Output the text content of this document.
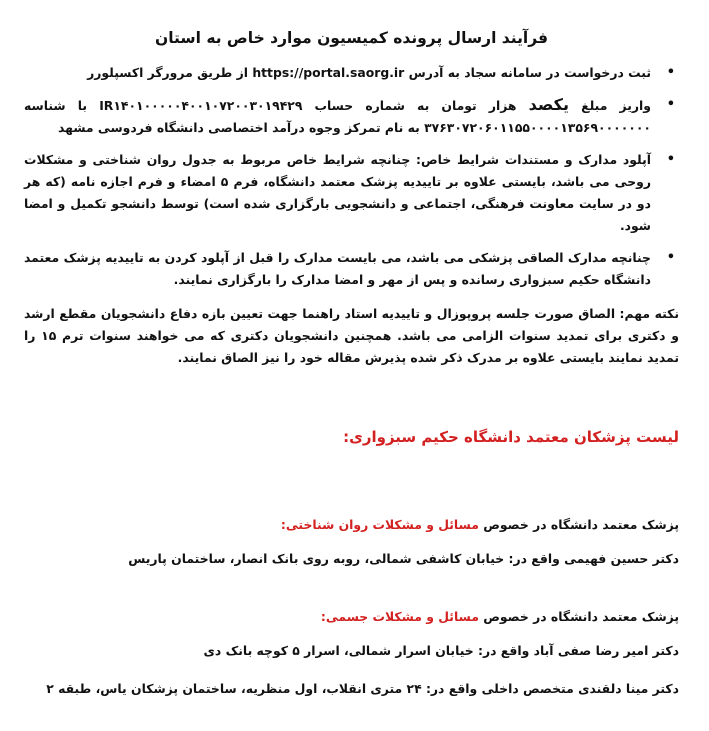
فرآیند ارسال پرونده کمیسیون موارد خاص به استان
• ثبت درخواست در سامانه سجاد به آدرس https://portal.saorg.ir از طریق مرورگر اکسپلورر
• واریز مبلغ یکصد هزار تومان به شماره حساب IR۱۴۰۱۰۰۰۰۰۴۰۰۱۰۷۲۰۰۳۰۱۹۴۲۹ با شناسه ۳۷۶۳۰۷۲۰۶۰۱۱۵۵۰۰۰۰۱۳۵۶۹۰۰۰۰۰۰۰ به نام تمرکز وجوه درآمد اختصاصی دانشگاه فردوسی مشهد
• آپلود مدارک و مستندات شرایط خاص: چنانچه شرایط خاص مربوط به جدول روان شناختی و مشکلات روحی می باشد، بایستی علاوه بر تاییدیه پزشک معتمد دانشگاه، فرم ۵ امضاء و فرم اجازه نامه (که هر دو در سایت معاونت فرهنگی، اجتماعی و دانشجویی بارگزاری شده است) توسط دانشجو تکمیل و امضا شود.
• چنانچه مدارک الصاقی پزشکی می باشد، می بایست مدارک را قبل از آپلود کردن به تاییدیه پزشک معتمد دانشگاه حکیم سبزواری رسانده و پس از مهر و امضا مدارک را بارگزاری نمایند.

نکته مهم: الصاق صورت جلسه پروپوزال و تاییدیه استاد راهنما جهت تعیین بازه دفاع دانشجویان مقطع ارشد و دکتری برای تمدید سنوات الزامی می باشد. همچنین دانشجویان دکتری که می خواهند سنوات ترم ۱۵ را تمدید نمایند بایستی علاوه بر مدرک ذکر شده پذیرش مقاله خود را نیز الصاق نمایند.

لیست پزشکان معتمد دانشگاه حکیم سبزواری:
پزشک معتمد دانشگاه در خصوص مسائل و مشکلات روان شناختی:
دکتر حسین فهیمی واقع در: خیابان کاشفی شمالی، روبه روی بانک انصار، ساختمان پاریس
پزشک معتمد دانشگاه در خصوص مسائل و مشکلات جسمی:
دکتر امیر رضا صفی آباد واقع در: خیابان اسرار شمالی، اسرار ۵ کوچه بانک دی
دکتر مینا دلقندی متخصص داخلی واقع در: ۲۴ متری انقلاب، اول منظریه، ساختمان پزشکان یاس، طبقه ۲
